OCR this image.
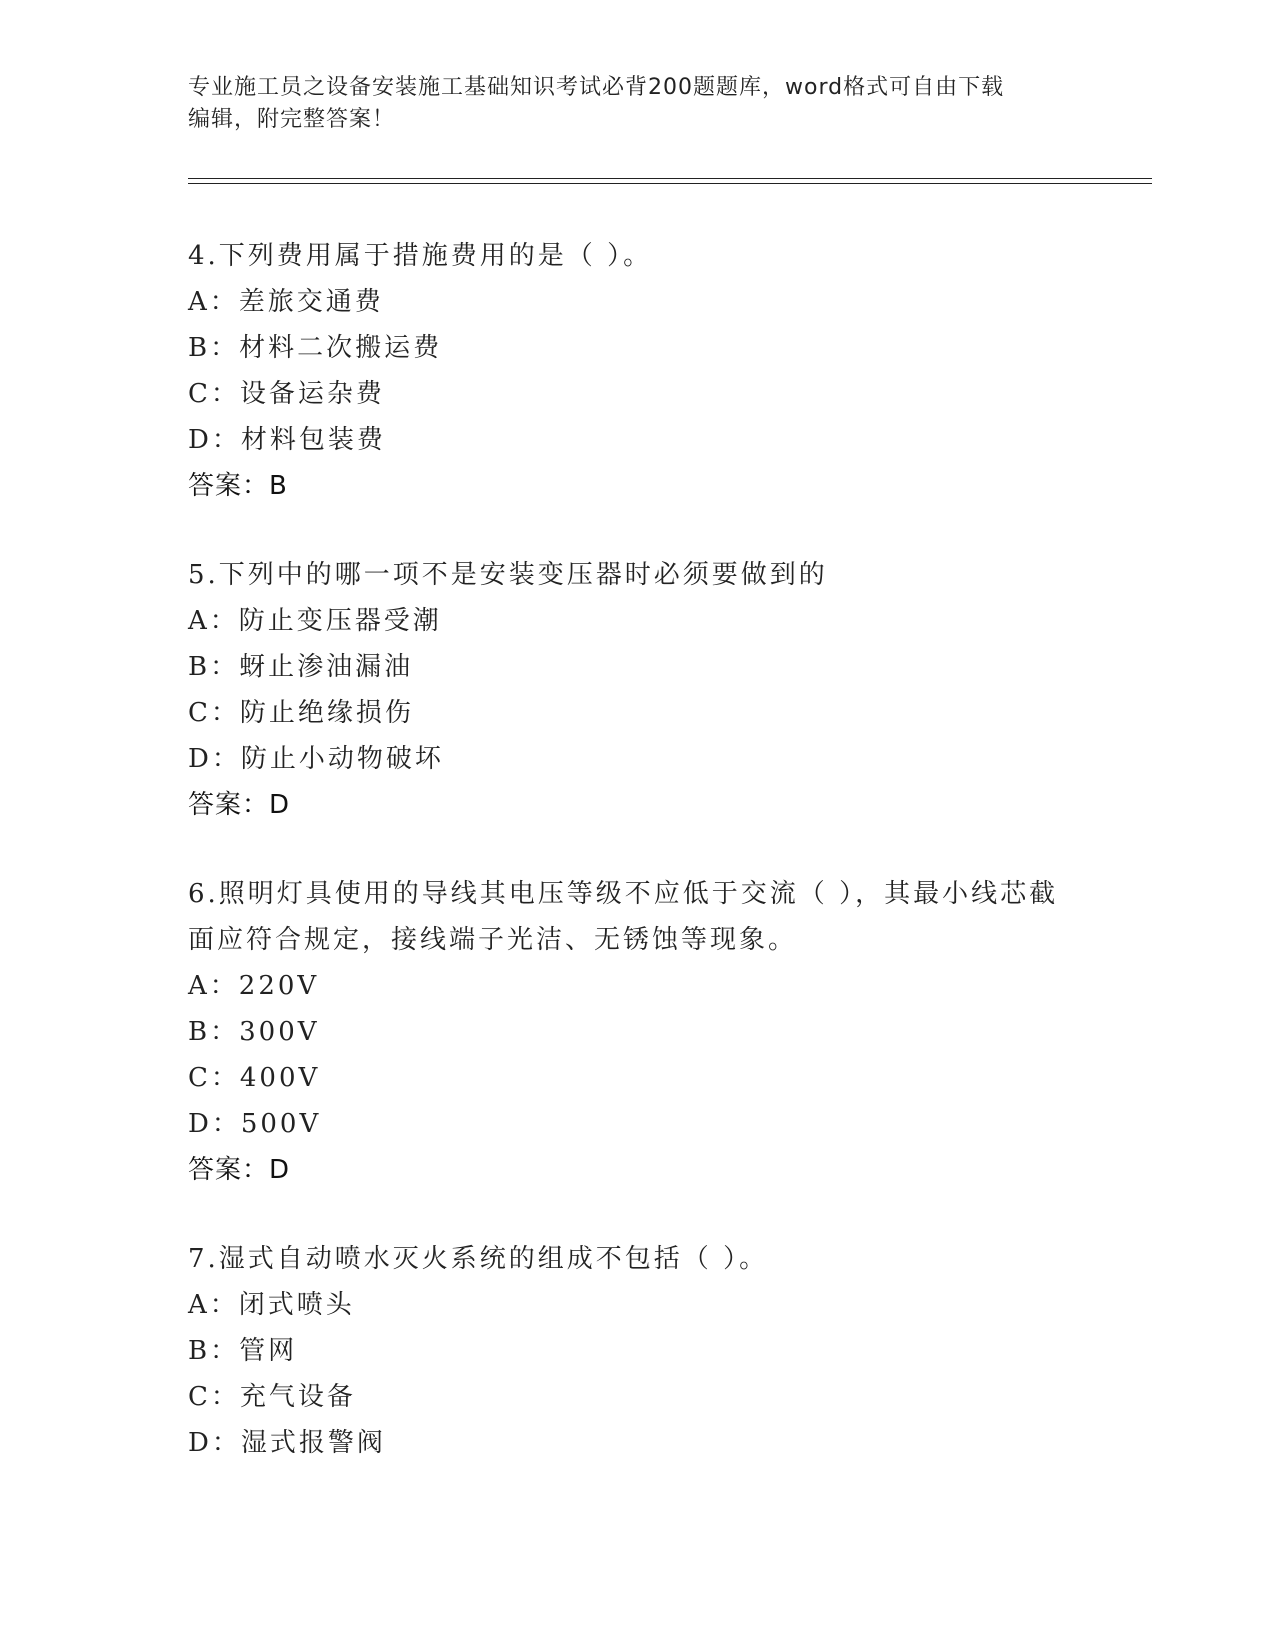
专业施工员之设备安装施工基础知识考试必背200题题库，word格式可自由下载
编辑，附完整答案！
4.下列费用属于措施费用的是（ ）。
A：差旅交通费
B：材料二次搬运费
C：设备运杂费
D：材料包装费
答案：B
5.下列中的哪一项不是安装变压器时必须要做到的
A：防止变压器受潮
B：蚜止渗油漏油
C：防止绝缘损伤
D：防止小动物破坏
答案：D
6.照明灯具使用的导线其电压等级不应低于交流（ ），其最小线芯截
面应符合规定，接线端子光洁、无锈蚀等现象。
A：220V
B：300V
C：400V
D：500V
答案：D
7.湿式自动喷水灭火系统的组成不包括（ ）。
A：闭式喷头
B：管网
C：充气设备
D：湿式报警阀
